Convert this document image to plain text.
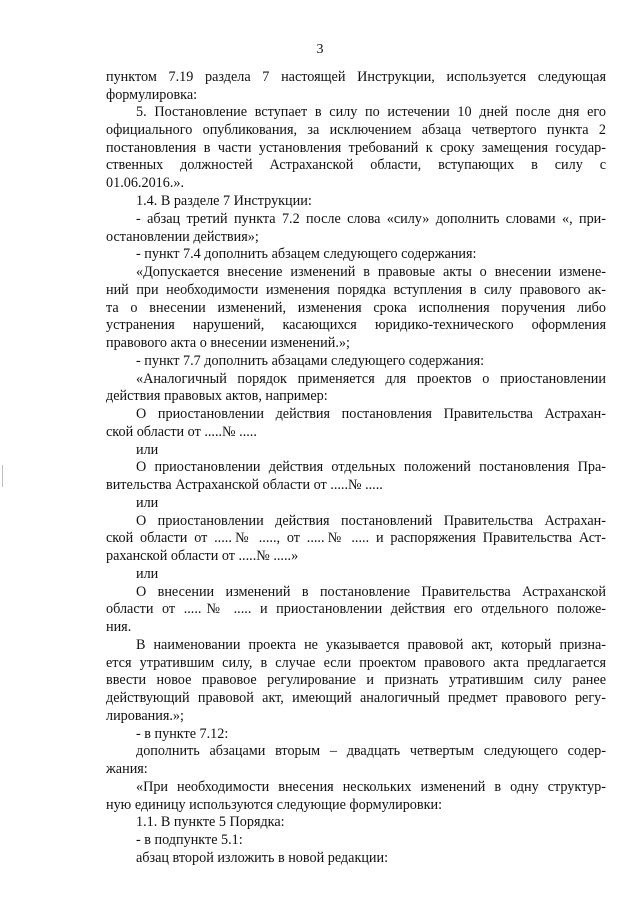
3
пунктом 7.19 раздела 7 настоящей Инструкции, используется следующая
формулировка:
5. Постановление вступает в силу по истечении 10 дней после дня его
официального опубликования, за исключением абзаца четвертого пункта 2
постановления в части установления требований к сроку замещения государ-
ственных должностей Астраханской области, вступающих в силу с
01.06.2016.».
1.4. В разделе 7 Инструкции:
- абзац третий пункта 7.2 после слова «силу» дополнить словами «, при-
остановлении действия»;
- пункт 7.4 дополнить абзацем следующего содержания:
«Допускается внесение изменений в правовые акты о внесении измене-
ний при необходимости изменения порядка вступления в силу правового ак-
та о внесении изменений, изменения срока исполнения поручения либо
устранения нарушений, касающихся юридико-технического оформления
правового акта о внесении изменений.»;
- пункт 7.7 дополнить абзацами следующего содержания:
«Аналогичный порядок применяется для проектов о приостановлении
действия правовых актов, например:
О приостановлении действия постановления Правительства Астрахан-
ской области от .....№ .....
или
О приостановлении действия отдельных положений постановления Пра-
вительства Астраханской области от .....№ .....
или
О приостановлении действия постановлений Правительства Астрахан-
ской области от .....№ ....., от .....№ ..... и распоряжения Правительства Аст-
раханской области от .....№ .....»
или
О внесении изменений в постановление Правительства Астраханской
области от .....№ ..... и приостановлении действия его отдельного положе-
ния.
В наименовании проекта не указывается правовой акт, который призна-
ется утратившим силу, в случае если проектом правового акта предлагается
ввести новое правовое регулирование и признать утратившим силу ранее
действующий правовой акт, имеющий аналогичный предмет правового регу-
лирования.»;
- в пункте 7.12:
дополнить абзацами вторым – двадцать четвертым следующего содер-
жания:
«При необходимости внесения нескольких изменений в одну структур-
ную единицу используются следующие формулировки:
1.1. В пункте 5 Порядка:
- в подпункте 5.1:
абзац второй изложить в новой редакции:
